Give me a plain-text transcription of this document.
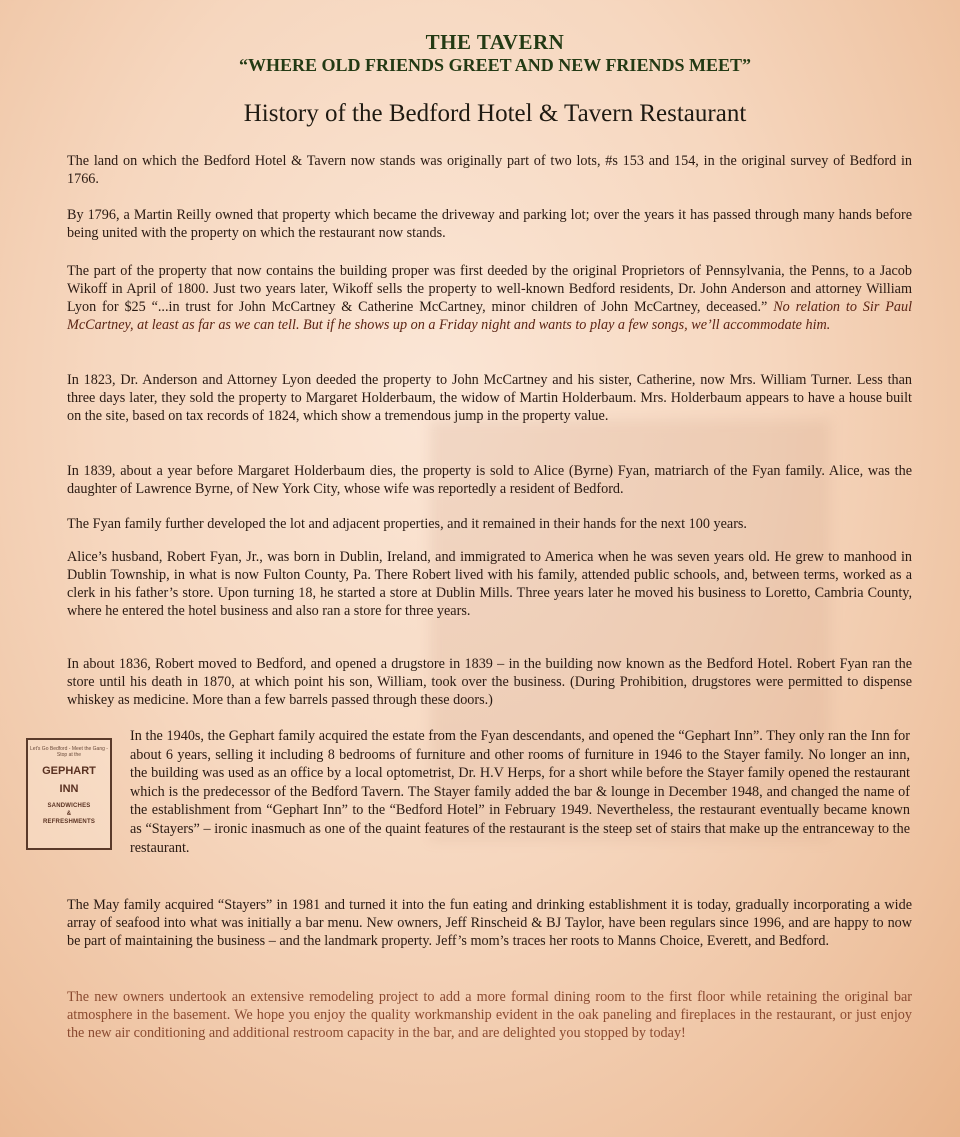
THE TAVERN
“WHERE OLD FRIENDS GREET AND NEW FRIENDS MEET”
History of the Bedford Hotel & Tavern Restaurant
The land on which the Bedford Hotel & Tavern now stands was originally part of two lots, #s 153 and 154, in the original survey of Bedford in 1766.
By 1796, a Martin Reilly owned that property which became the driveway and parking lot; over the years it has passed through many hands before being united with the property on which the restaurant now stands.
The part of the property that now contains the building proper was first deeded by the original Proprietors of Pennsylvania, the Penns, to a Jacob Wikoff in April of 1800. Just two years later, Wikoff sells the property to well-known Bedford residents, Dr. John Anderson and attorney William Lyon for $25 “...in trust for John McCartney & Catherine McCartney, minor children of John McCartney, deceased.” No relation to Sir Paul McCartney, at least as far as we can tell. But if he shows up on a Friday night and wants to play a few songs, we’ll accommodate him.
In 1823, Dr. Anderson and Attorney Lyon deeded the property to John McCartney and his sister, Catherine, now Mrs. William Turner. Less than three days later, they sold the property to Margaret Holderbaum, the widow of Martin Holderbaum. Mrs. Holderbaum appears to have a house built on the site, based on tax records of 1824, which show a tremendous jump in the property value.
In 1839, about a year before Margaret Holderbaum dies, the property is sold to Alice (Byrne) Fyan, matriarch of the Fyan family. Alice, was the daughter of Lawrence Byrne, of New York City, whose wife was reportedly a resident of Bedford.
The Fyan family further developed the lot and adjacent properties, and it remained in their hands for the next 100 years.
Alice’s husband, Robert Fyan, Jr., was born in Dublin, Ireland, and immigrated to America when he was seven years old. He grew to manhood in Dublin Township, in what is now Fulton County, Pa. There Robert lived with his family, attended public schools, and, between terms, worked as a clerk in his father’s store. Upon turning 18, he started a store at Dublin Mills. Three years later he moved his business to Loretto, Cambria County, where he entered the hotel business and also ran a store for three years.
In about 1836, Robert moved to Bedford, and opened a drugstore in 1839 – in the building now known as the Bedford Hotel. Robert Fyan ran the store until his death in 1870, at which point his son, William, took over the business. (During Prohibition, drugstores were permitted to dispense whiskey as medicine. More than a few barrels passed through these doors.)
Let's Go Bedford - Meet the Gang - Stop at the
GEPHART
INN
SANDWICHES
&
REFRESHMENTS
In the 1940s, the Gephart family acquired the estate from the Fyan descendants, and opened the “Gephart Inn”. They only ran the Inn for about 6 years, selling it including 8 bedrooms of furniture and other rooms of furniture in 1946 to the Stayer family. No longer an inn, the building was used as an office by a local optometrist, Dr. H.V Herps, for a short while before the Stayer family opened the restaurant which is the predecessor of the Bedford Tavern. The Stayer family added the bar & lounge in December 1948, and changed the name of the establishment from “Gephart Inn” to the “Bedford Hotel” in February 1949. Nevertheless, the restaurant eventually became known as “Stayers” – ironic inasmuch as one of the quaint features of the restaurant is the steep set of stairs that make up the entranceway to the restaurant.
The May family acquired “Stayers” in 1981 and turned it into the fun eating and drinking establishment it is today, gradually incorporating a wide array of seafood into what was initially a bar menu. New owners, Jeff Rinscheid & BJ Taylor, have been regulars since 1996, and are happy to now be part of maintaining the business – and the landmark property. Jeff’s mom’s traces her roots to Manns Choice, Everett, and Bedford.
The new owners undertook an extensive remodeling project to add a more formal dining room to the first floor while retaining the original bar atmosphere in the basement. We hope you enjoy the quality workmanship evident in the oak paneling and fireplaces in the restaurant, or just enjoy the new air conditioning and additional restroom capacity in the bar, and are delighted you stopped by today!
